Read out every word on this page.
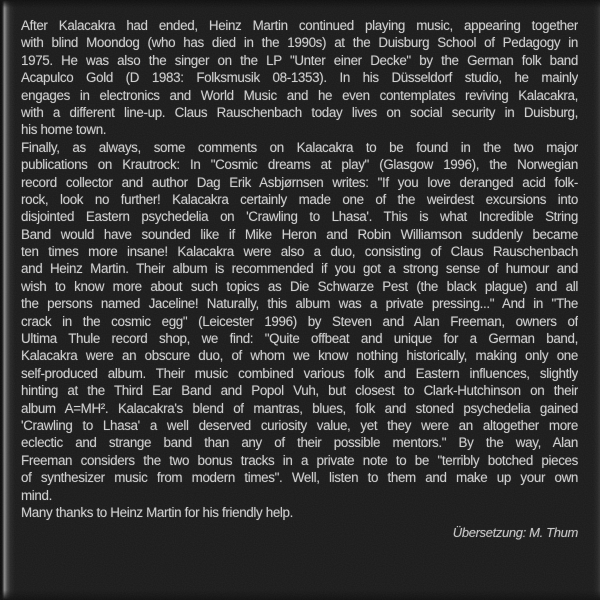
After Kalacakra had ended, Heinz Martin continued playing music, appearing together
with blind Moondog (who has died in the 1990s) at the Duisburg School of Pedagogy in
1975. He was also the singer on the LP "Unter einer Decke" by the German folk band
Acapulco Gold (D 1983: Folksmusik 08-1353). In his Düsseldorf studio, he mainly
engages in electronics and World Music and he even contemplates reviving Kalacakra,
with a different line-up. Claus Rauschenbach today lives on social security in Duisburg,
his home town.
Finally, as always, some comments on Kalacakra to be found in the two major
publications on Krautrock: In "Cosmic dreams at play" (Glasgow 1996), the Norwegian
record collector and author Dag Erik Asbjørnsen writes: "If you love deranged acid folk-
rock, look no further! Kalacakra certainly made one of the weirdest excursions into
disjointed Eastern psychedelia on 'Crawling to Lhasa'. This is what Incredible String
Band would have sounded like if Mike Heron and Robin Williamson suddenly became
ten times more insane! Kalacakra were also a duo, consisting of Claus Rauschenbach
and Heinz Martin. Their album is recommended if you got a strong sense of humour and
wish to know more about such topics as Die Schwarze Pest (the black plague) and all
the persons named Jaceline! Naturally, this album was a private pressing..." And in "The
crack in the cosmic egg" (Leicester 1996) by Steven and Alan Freeman, owners of
Ultima Thule record shop, we find: "Quite offbeat and unique for a German band,
Kalacakra were an obscure duo, of whom we know nothing historically, making only one
self-produced album. Their music combined various folk and Eastern influences, slightly
hinting at the Third Ear Band and Popol Vuh, but closest to Clark-Hutchinson on their
album A=MH². Kalacakra's blend of mantras, blues, folk and stoned psychedelia gained
'Crawling to Lhasa' a well deserved curiosity value, yet they were an altogether more
eclectic and strange band than any of their possible mentors." By the way, Alan
Freeman considers the two bonus tracks in a private note to be "terribly botched pieces
of synthesizer music from modern times". Well, listen to them and make up your own
mind.
Many thanks to Heinz Martin for his friendly help.
Übersetzung: M. Thum
